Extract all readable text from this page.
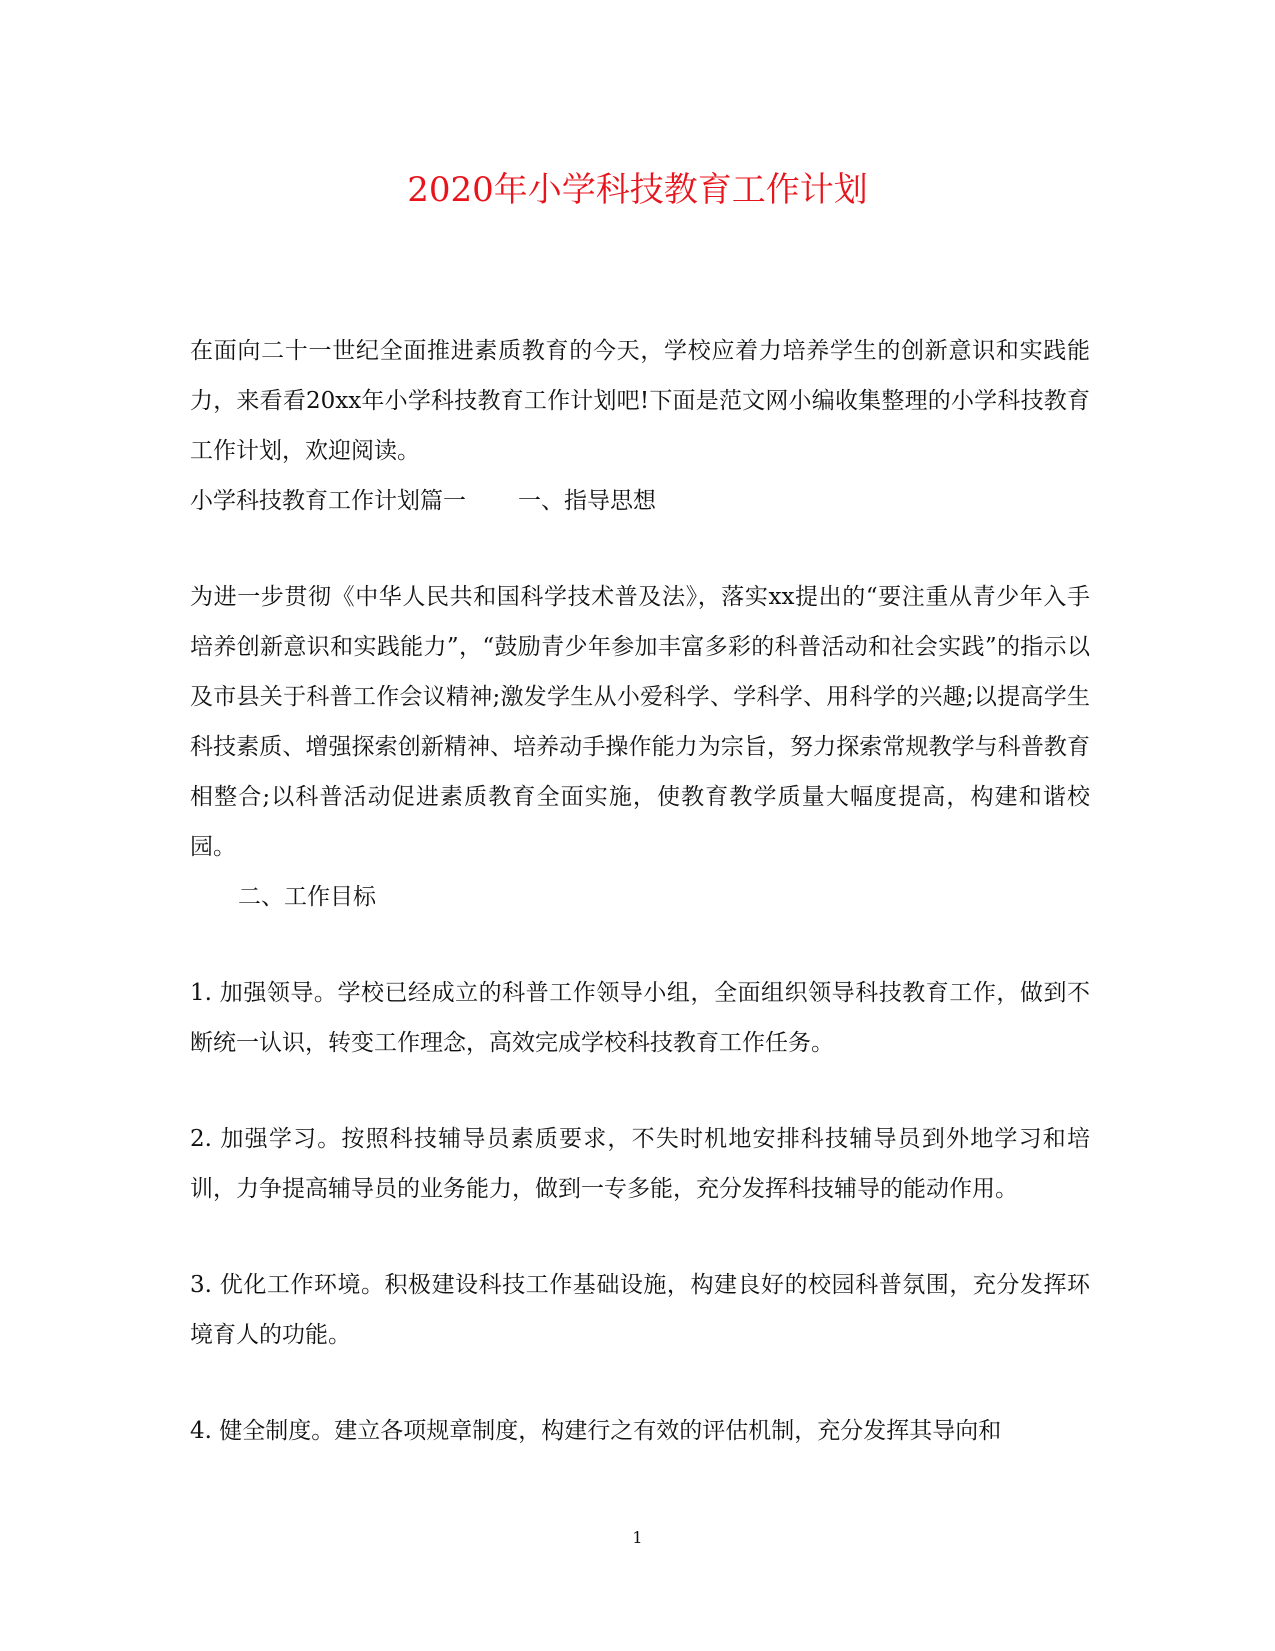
2020年小学科技教育工作计划

在面向二十一世纪全面推进素质教育的今天，学校应着力培养学生的创新意识和实践能力，来看看20xx年小学科技教育工作计划吧!下面是范文网小编收集整理的小学科技教育工作计划，欢迎阅读。

小学科技教育工作计划篇一 一、指导思想

为进一步贯彻《中华人民共和国科学技术普及法》，落实xx提出的“要注重从青少年入手培养创新意识和实践能力”，“鼓励青少年参加丰富多彩的科普活动和社会实践”的指示以及市县关于科普工作会议精神;激发学生从小爱科学、学科学、用科学的兴趣;以提高学生科技素质、增强探索创新精神、培养动手操作能力为宗旨，努力探索常规教学与科普教育相整合;以科普活动促进素质教育全面实施，使教育教学质量大幅度提高，构建和谐校园。

二、工作目标

1. 加强领导。学校已经成立的科普工作领导小组，全面组织领导科技教育工作，做到不断统一认识，转变工作理念，高效完成学校科技教育工作任务。

2. 加强学习。按照科技辅导员素质要求，不失时机地安排科技辅导员到外地学习和培训，力争提高辅导员的业务能力，做到一专多能，充分发挥科技辅导的能动作用。

3. 优化工作环境。积极建设科技工作基础设施，构建良好的校园科普氛围，充分发挥环境育人的功能。

4. 健全制度。建立各项规章制度，构建行之有效的评估机制，充分发挥其导向和

1
